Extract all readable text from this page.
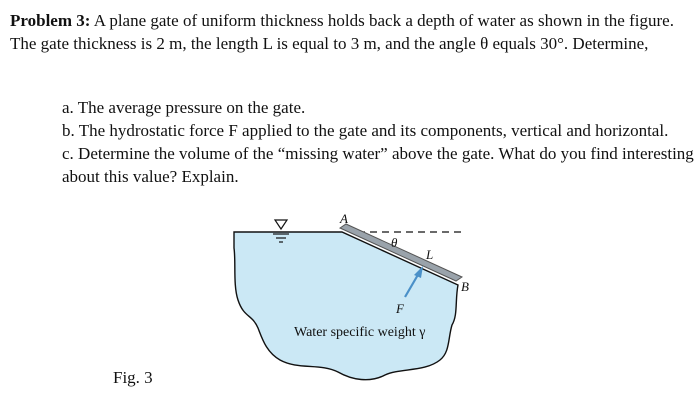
Problem 3: A plane gate of uniform thickness holds back a depth of water as shown in the figure. The gate thickness is 2 m, the length L is equal to 3 m, and the angle θ equals 30°. Determine,
a. The average pressure on the gate.
b. The hydrostatic force F applied to the gate and its components, vertical and horizontal.
c. Determine the volume of the “missing water” above the gate. What do you find interesting about this value? Explain.
A
B
θ
L
F
Water specific weight γ
Fig. 3
